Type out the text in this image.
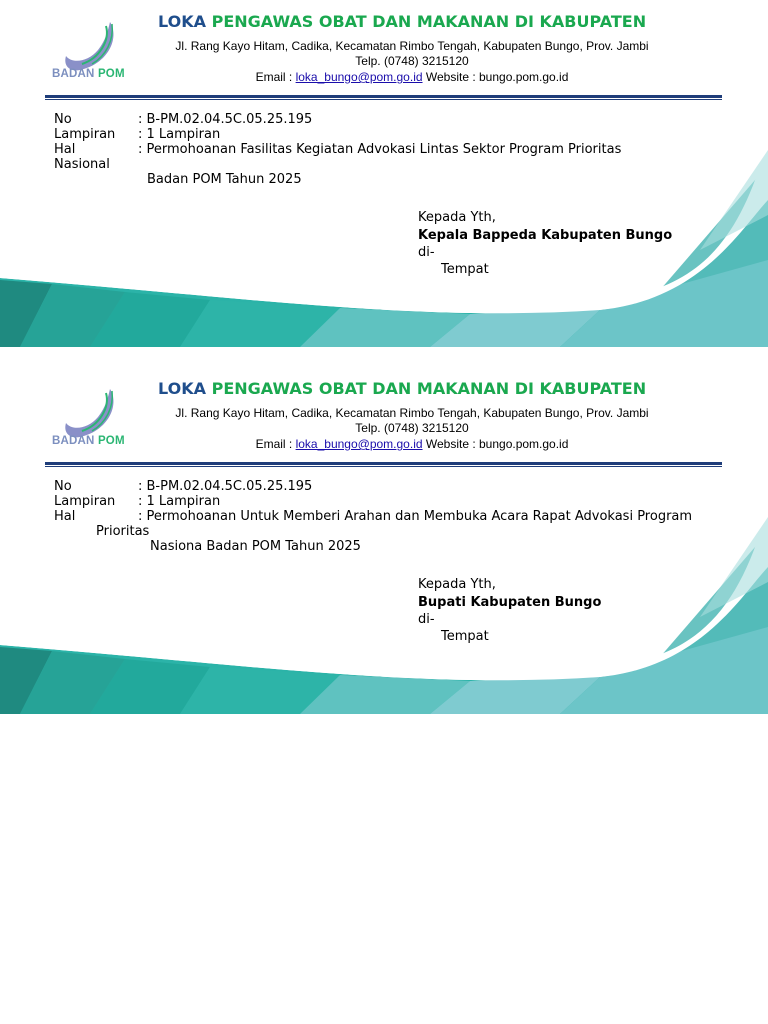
BADAN POM
LOKA PENGAWAS OBAT DAN MAKANAN DI KABUPATEN
Jl. Rang Kayo Hitam, Cadika, Kecamatan Rimbo Tengah, Kabupaten Bungo, Prov. Jambi
Telp. (0748) 3215120
Email : loka_bungo@pom.go.id Website : bungo.pom.go.id
No	: B-PM.02.04.5C.05.25.195
Lampiran : 1 Lampiran
Hal	: Permohoanan Fasilitas Kegiatan Advokasi Lintas Sektor Program Prioritas
Nasional
Badan POM Tahun 2025
Kepada Yth,
Kepala Bappeda Kabupaten Bungo
di-
Tempat
BADAN POM
LOKA PENGAWAS OBAT DAN MAKANAN DI KABUPATEN
Jl. Rang Kayo Hitam, Cadika, Kecamatan Rimbo Tengah, Kabupaten Bungo, Prov. Jambi
Telp. (0748) 3215120
Email : loka_bungo@pom.go.id Website : bungo.pom.go.id
No	: B-PM.02.04.5C.05.25.195
Lampiran : 1 Lampiran
Hal	: Permohoanan Untuk Memberi Arahan dan Membuka Acara Rapat Advokasi Program
Prioritas
Nasiona Badan POM Tahun 2025
Kepada Yth,
Bupati Kabupaten Bungo
di-
Tempat
